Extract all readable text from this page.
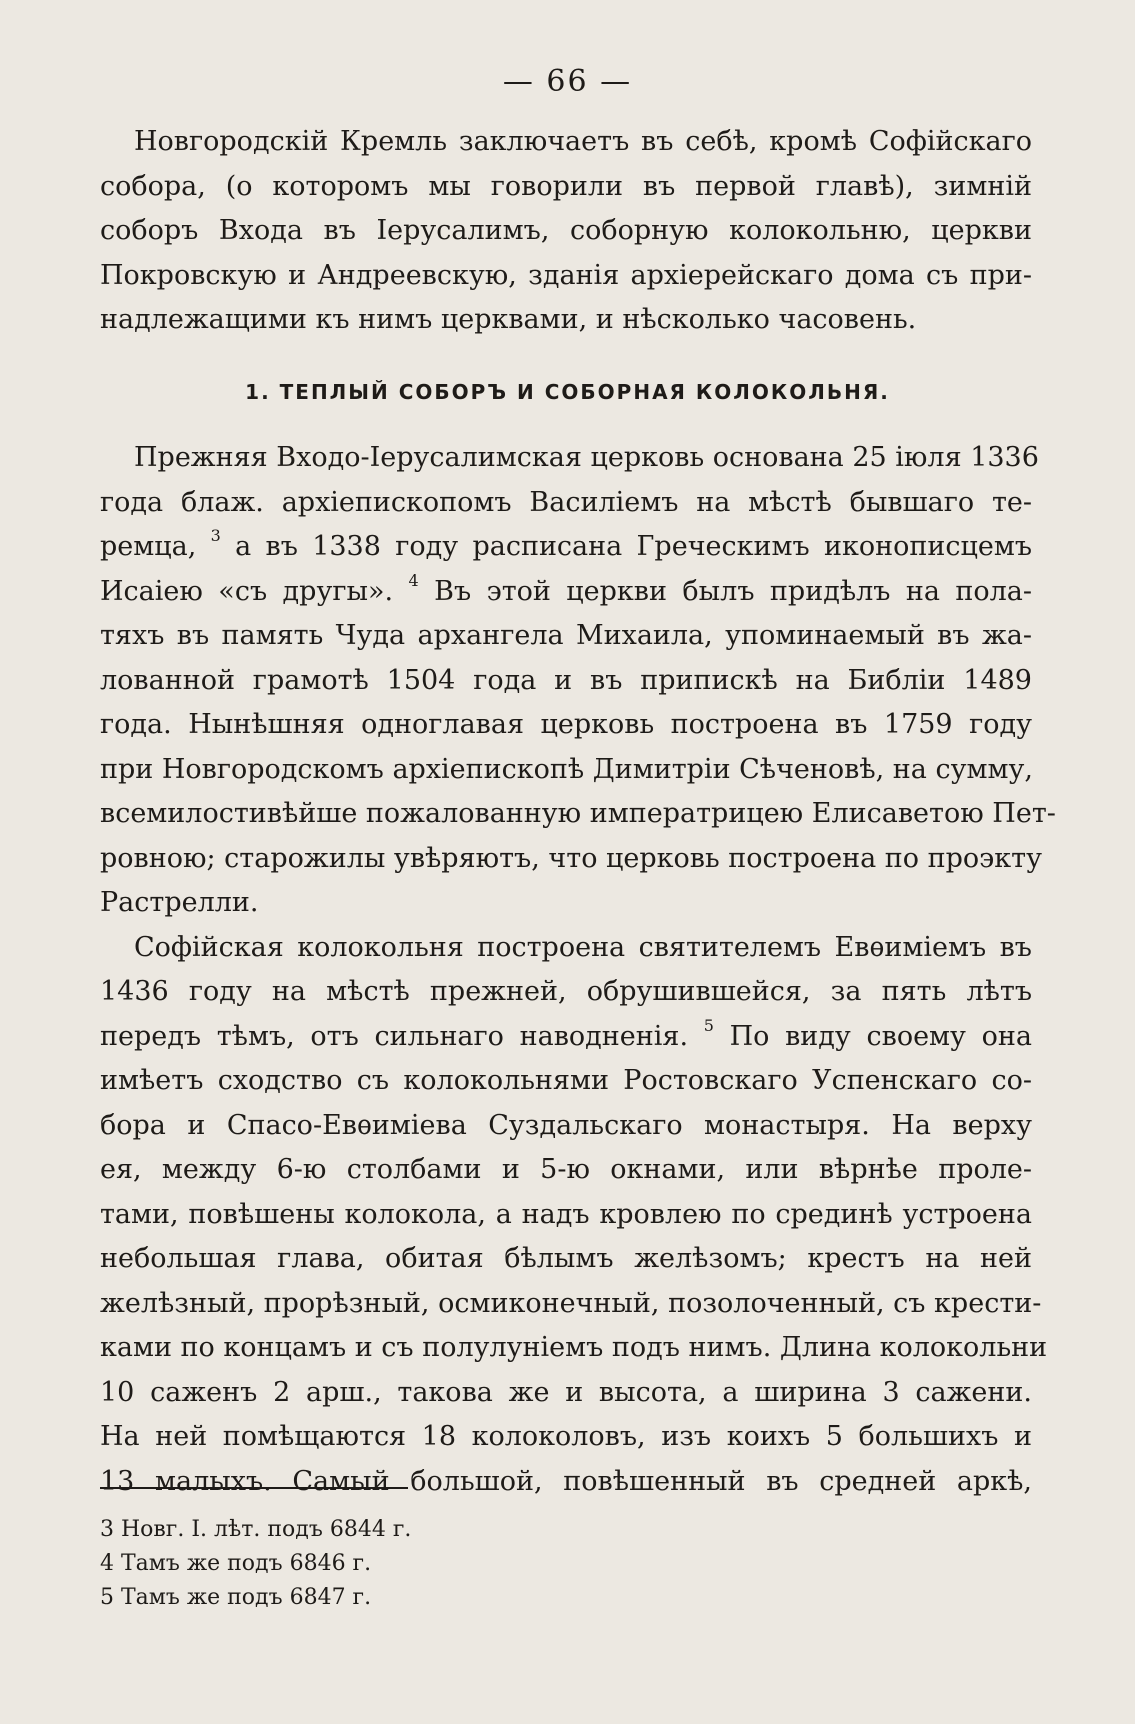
— 66 —
Новгородскій Кремль заключаетъ въ себѣ, кромѣ Софійскаго
собора, (о которомъ мы говорили въ первой главѣ), зимній
соборъ Входа въ Іерусалимъ, соборную колокольню, церкви
Покровскую и Андреевскую, зданія архіерейскаго дома съ при-
надлежащими къ нимъ церквами, и нѣсколько часовень.
1. ТЕПЛЫЙ СОБОРЪ И СОБОРНАЯ КОЛОКОЛЬНЯ.
Прежняя Входо-Іерусалимская церковь основана 25 іюля 1336
года блаж. архіепископомъ Василіемъ на мѣстѣ бывшаго те-
ремца, $^3$ а въ 1338 году расписана Греческимъ иконописцемъ
Исаіею «съ другы». $^4$ Въ этой церкви былъ придѣлъ на пола-
тяхъ въ память Чуда архангела Михаила, упоминаемый въ жа-
лованной грамотѣ 1504 года и въ припискѣ на Библіи 1489
года. Нынѣшняя одноглавая церковь построена въ 1759 году
при Новгородскомъ архіепископѣ Димитріи Сѣченовѣ, на сумму,
всемилостивѣйше пожалованную императрицею Елисаветою Пет-
ровною; старожилы увѣряютъ, что церковь построена по проэкту
Растрелли.
Софійская колокольня построена святителемъ Евѳиміемъ въ
1436 году на мѣстѣ прежней, обрушившейся, за пять лѣтъ
передъ тѣмъ, отъ сильнаго наводненія. $^5$ По виду своему она
имѣетъ сходство съ колокольнями Ростовскаго Успенскаго со-
бора и Спасо-Евѳиміева Суздальскаго монастыря. На верху
ея, между 6-ю столбами и 5-ю окнами, или вѣрнѣе проле-
тами, повѣшены колокола, а надъ кровлею по срединѣ устроена
небольшая глава, обитая бѣлымъ желѣзомъ; крестъ на ней
желѣзный, прорѣзный, осмиконечный, позолоченный, съ крести-
ками по концамъ и съ полулуніемъ подъ нимъ. Длина колокольни
10 саженъ 2 арш., такова же и высота, а ширина 3 сажени.
На ней помѣщаются 18 колоколовъ, изъ коихъ 5 большихъ и
13 малыхъ. Самый большой, повѣшенный въ средней аркѣ,
3 Новг. I. лѣт. подъ 6844 г.
4 Тамъ же подъ 6846 г.
5 Тамъ же подъ 6847 г.
